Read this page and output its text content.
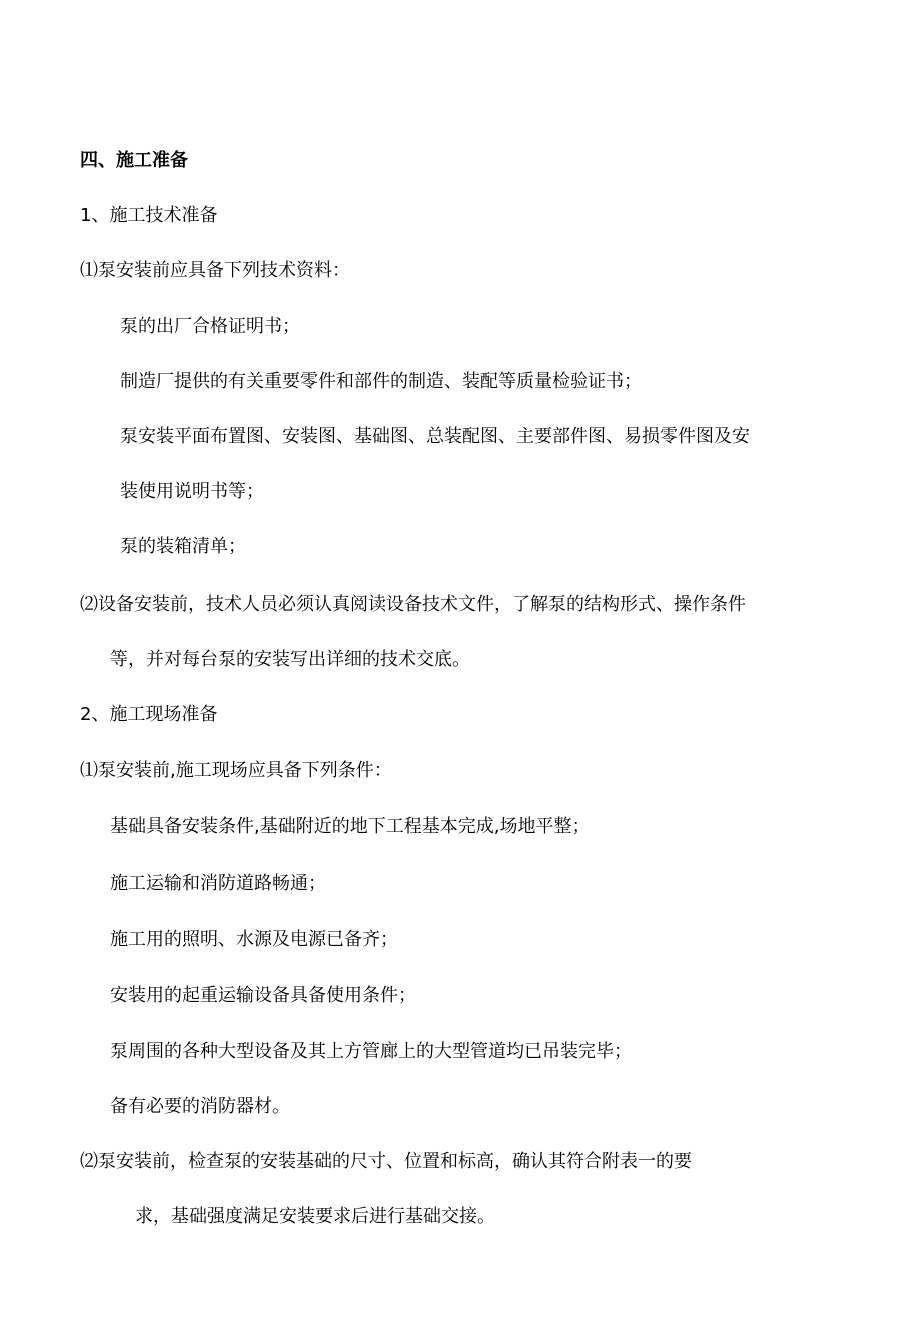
四、施工准备
1、施工技术准备
⑴泵安装前应具备下列技术资料：
泵的出厂合格证明书；
制造厂提供的有关重要零件和部件的制造、装配等质量检验证书；
泵安装平面布置图、安装图、基础图、总装配图、主要部件图、易损零件图及安
装使用说明书等；
泵的装箱清单；
⑵设备安装前，技术人员必须认真阅读设备技术文件，了解泵的结构形式、操作条件
等，并对每台泵的安装写出详细的技术交底。
2、施工现场准备
⑴泵安装前,施工现场应具备下列条件：
基础具备安装条件,基础附近的地下工程基本完成,场地平整；
施工运输和消防道路畅通；
施工用的照明、水源及电源已备齐；
安装用的起重运输设备具备使用条件；
泵周围的各种大型设备及其上方管廊上的大型管道均已吊装完毕；
备有必要的消防器材。
⑵泵安装前，检查泵的安装基础的尺寸、位置和标高，确认其符合附表一的要
求，基础强度满足安装要求后进行基础交接。
